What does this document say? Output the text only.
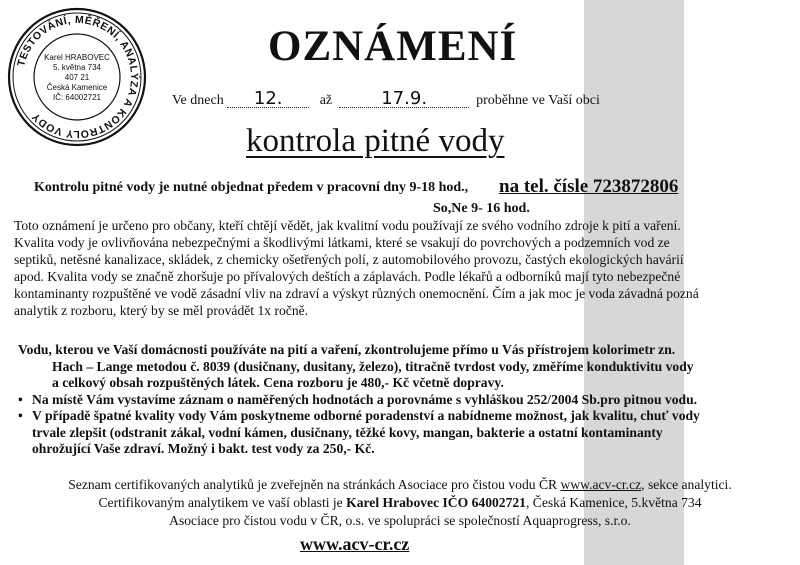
TESTOVÁNÍ, MĚŘENÍ, ANALÝZA A KONTROLY VODY
Karel HRABOVEC
5. května 734
407 21
Česká Kamenice
IČ: 64002721
OZNÁMENÍ
Ve dnech 12.	až	17.9.	proběhne ve Vaší obci
kontrola pitné vody
Kontrolu pitné vody je nutné objednat předem v pracovní dny 9-18 hod., na tel. čísle 723872806
So,Ne 9- 16 hod.

Toto oznámení je určeno pro občany, kteří chtějí vědět, jak kvalitní vodu používají ze svého vodního zdroje k pití a vaření.

Kvalita vody je ovlivňována nebezpečnými a škodlivými látkami, které se vsakují do povrchových a podzemních vod ze

septiků, netěsné kanalizace, skládek, z chemicky ošetřených polí, z automobilového provozu, častých ekologických havárií

apod. Kvalita vody se značně zhoršuje po přívalových deštích a záplavách. Podle lékařů a odborníků mají tyto nebezpečné

kontaminanty rozpuštěné ve vodě zásadní vliv na zdraví a výskyt různých onemocnění. Čím a jak moc je voda závadná pozná

analytik z rozboru, který by se měl provádět 1x ročně.

Vodu, kterou ve Vaší domácnosti používáte na pití a vaření, zkontrolujeme přímo u Vás přístrojem kolorimetr zn.

Hach – Lange metodou č. 8039 (dusičnany, dusitany, železo), titračně tvrdost vody, změříme konduktivitu vody

a celkový obsah rozpuštěných látek. Cena rozboru je 480,- Kč včetně dopravy.

• Na místě Vám vystavíme záznam o naměřených hodnotách a porovnáme s vyhláškou 252/2004 Sb.pro pitnou vodu.
• V případě špatné kvality vody Vám poskytneme odborné poradenství a nabídneme možnost, jak kvalitu, chuť vody

trvale zlepšit (odstranit zákal, vodní kámen, dusičnany, těžké kovy, mangan, bakterie a ostatní kontaminanty

ohrožující Vaše zdraví. Možný i bakt. test vody za 250,- Kč.

Seznam certifikovaných analytiků je zveřejněn na stránkách Asociace pro čistou vodu ČR www.acv-cr.cz, sekce analytici.

Certifikovaným analytikem ve vaší oblasti je Karel Hrabovec IČO 64002721, Česká Kamenice, 5.května 734

Asociace pro čistou vodu v ČR, o.s. ve spolupráci se společností Aquaprogress, s.r.o.

www.acv-cr.cz
